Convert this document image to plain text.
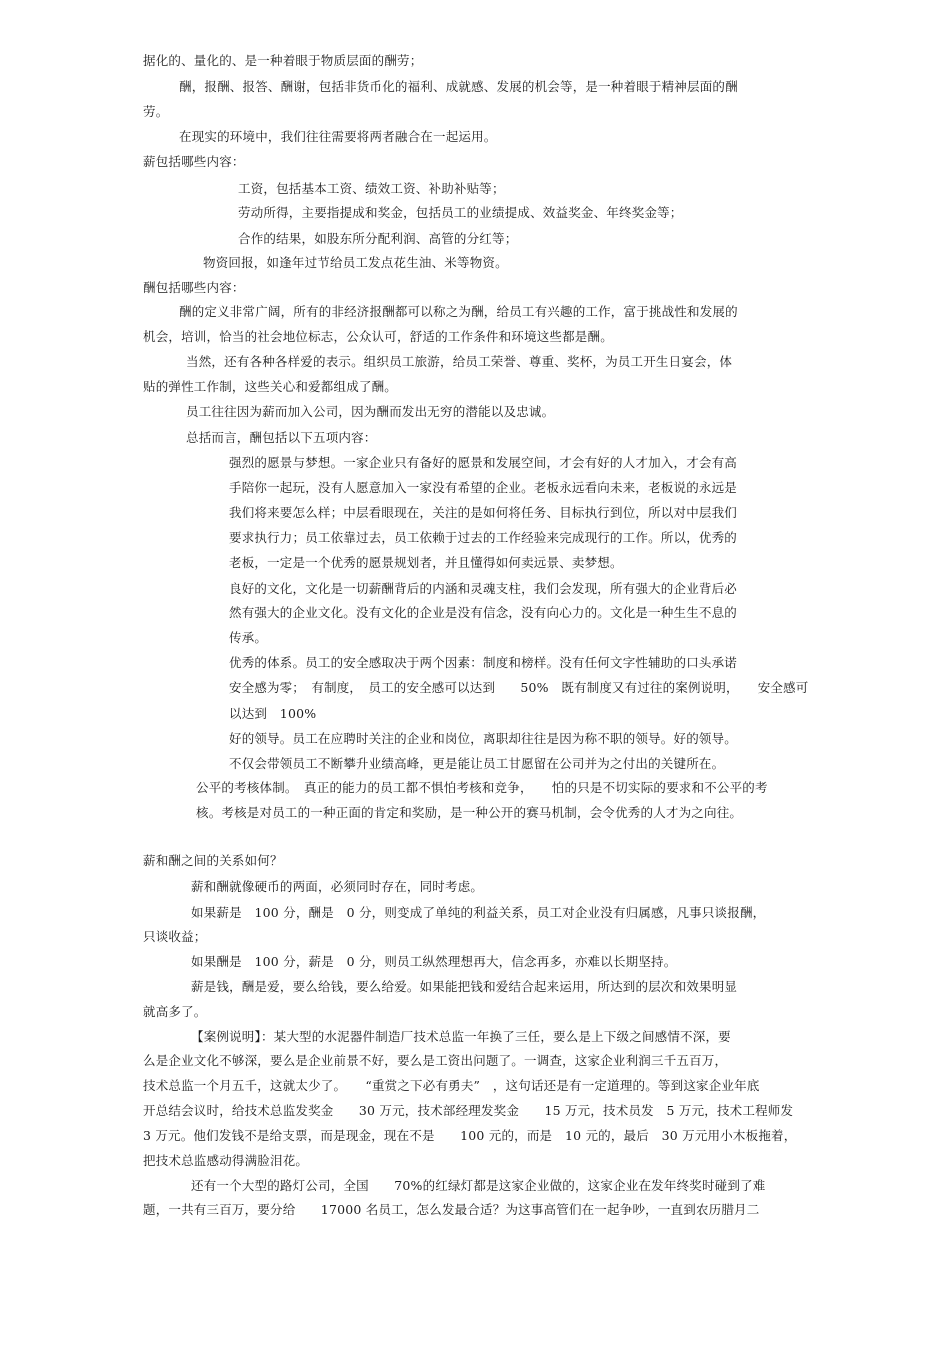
据化的、量化的、是一种着眼于物质层面的酬劳；
酬，报酬、报答、酬谢，包括非货币化的福利、成就感、发展的机会等，是一种着眼于精神层面的酬
劳。
在现实的环境中，我们往往需要将两者融合在一起运用。
薪包括哪些内容：
工资，包括基本工资、绩效工资、补助补贴等；
劳动所得，主要指提成和奖金，包括员工的业绩提成、效益奖金、年终奖金等；
合作的结果，如股东所分配利润、高管的分红等；
物资回报，如逢年过节给员工发点花生油、米等物资。
酬包括哪些内容：
酬的定义非常广阔，所有的非经济报酬都可以称之为酬，给员工有兴趣的工作，富于挑战性和发展的
机会，培训，恰当的社会地位标志，公众认可，舒适的工作条件和环境这些都是酬。
当然，还有各种各样爱的表示。组织员工旅游，给员工荣誉、尊重、奖杯，为员工开生日宴会，体
贴的弹性工作制，这些关心和爱都组成了酬。
员工往往因为薪而加入公司，因为酬而发出无穷的潜能以及忠诚。
总括而言，酬包括以下五项内容：
强烈的愿景与梦想。一家企业只有备好的愿景和发展空间，才会有好的人才加入，才会有高
手陪你一起玩，没有人愿意加入一家没有希望的企业。老板永远看向未来，老板说的永远是
我们将来要怎么样；中层看眼现在，关注的是如何将任务、目标执行到位，所以对中层我们
要求执行力；员工依靠过去，员工依赖于过去的工作经验来完成现行的工作。所以，优秀的
老板，一定是一个优秀的愿景规划者，并且懂得如何卖远景、卖梦想。
良好的文化，文化是一切薪酬背后的内涵和灵魂支柱，我们会发现，所有强大的企业背后必
然有强大的企业文化。没有文化的企业是没有信念，没有向心力的。文化是一种生生不息的
传承。
优秀的体系。员工的安全感取决于两个因素：制度和榜样。没有任何文字性辅助的口头承诺
安全感为零；　有制度，　员工的安全感可以达到　　50%　既有制度又有过往的案例说明，　　安全感可
以达到　100%
好的领导。员工在应聘时关注的企业和岗位，离职却往往是因为称不职的领导。好的领导。
不仅会带领员工不断攀升业绩高峰，更是能让员工甘愿留在公司并为之付出的关键所在。
公平的考核体制。　真正的能力的员工都不惧怕考核和竞争，　　怕的只是不切实际的要求和不公平的考
核。考核是对员工的一种正面的肯定和奖励，是一种公开的赛马机制，会令优秀的人才为之向往。
薪和酬之间的关系如何？
薪和酬就像硬币的两面，必须同时存在，同时考虑。
如果薪是　100 分，酬是　0 分，则变成了单纯的利益关系，员工对企业没有归属感，凡事只谈报酬，
只谈收益；
如果酬是　100 分，薪是　0 分，则员工纵然理想再大，信念再多，亦难以长期坚持。
薪是钱，酬是爱，要么给钱，要么给爱。如果能把钱和爱结合起来运用，所达到的层次和效果明显
就高多了。
【案例说明】：某大型的水泥器件制造厂技术总监一年换了三任，要么是上下级之间感情不深，要
么是企业文化不够深，要么是企业前景不好，要么是工资出问题了。一调查，这家企业利润三千五百万，
技术总监一个月五千，这就太少了。　　“重赏之下必有勇夫”　，这句话还是有一定道理的。等到这家企业年底
开总结会议时，给技术总监发奖金　　30 万元，技术部经理发奖金　　15 万元，技术员发　5 万元，技术工程师发
3 万元。他们发钱不是给支票，而是现金，现在不是　　100 元的，而是　10 元的，最后　30 万元用小木板拖着，
把技术总监感动得满脸泪花。
还有一个大型的路灯公司，全国　　70%的红绿灯都是这家企业做的，这家企业在发年终奖时碰到了难
题，一共有三百万，要分给　　17000 名员工，怎么发最合适？为这事高管们在一起争吵，一直到农历腊月二
